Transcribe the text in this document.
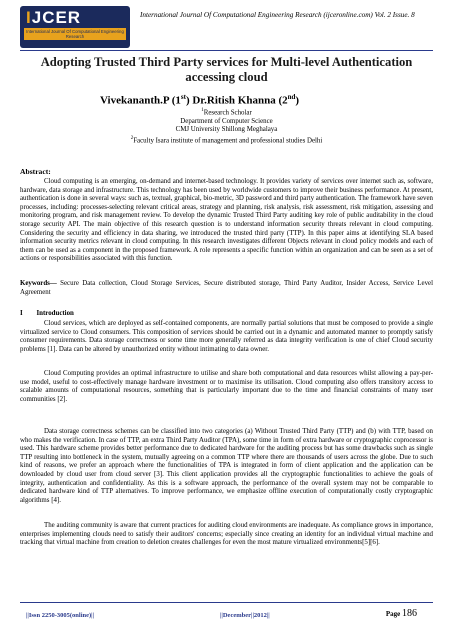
IJCER
International Journal Of Computational Engineering Research
International Journal Of Computational Engineering Research (ijceronline.com) Vol. 2 Issue. 8
Adopting Trusted Third Party services for Multi-level Authentication accessing cloud
Vivekananth.P (1st) Dr.Ritish Khanna (2nd)
$^1$Research Scholar
Department of Computer Science
CMJ University Shillong Meghalaya
$^2$Faculty Isara institute of management and professional studies Delhi
Abstract:
Cloud computing is an emerging, on-demand and internet-based technology. It provides variety of services over internet such as, software, hardware, data storage and infrastructure. This technology has been used by worldwide customers to improve their business performance. At present, authentication is done in several ways: such as, textual, graphical, bio-metric, 3D password and third party authentication. The framework have seven processes, including: processes-selecting relevant critical areas, strategy and planning, risk analysis, risk assessment, risk mitigation, assessing and monitoring program, and risk management review. To develop the dynamic Trusted Third Party auditing key role of public auditability in the cloud storage security API. The main objective of this research question is to understand information security threats relevant in cloud computing. Considering the security and efficiency in data sharing, we introduced the trusted third party (TTP). In this paper aims at identifying SLA based information security metrics relevant in cloud computing. In this research investigates different Objects relevant in cloud policy models and each of them can be used as a component in the proposed framework. A role represents a specific function within an organization and can be seen as a set of actions or responsibilities associated with this function.
Keywords— Secure Data collection, Cloud Storage Services, Secure distributed storage, Third Party Auditor, Insider Access, Service Level Agreement
I        Introduction
Cloud services, which are deployed as self-contained components, are normally partial solutions that must be composed to provide a single virtualized service to Cloud consumers. This composition of services should be carried out in a dynamic and automated manner to promptly satisfy consumer requirements. Data storage correctness or some time more generally referred as data integrity verification is one of chief Cloud security problems [1]. Data can be altered by unauthorized entity without intimating to data owner.
Cloud Computing provides an optimal infrastructure to utilise and share both computational and data resources whilst allowing a pay-per-use model, useful to cost-effectively manage hardware investment or to maximise its utilisation. Cloud computing also offers transitory access to scalable amounts of computational resources, something that is particularly important due to the time and financial constraints of many user communities [2].
Data storage correctness schemes can be classified into two categories (a) Without Trusted Third Party (TTP) and (b) with TTP, based on who makes the verification. In case of TTP, an extra Third Party Auditor (TPA), some time in form of extra hardware or cryptographic coprocessor is used. This hardware scheme provides better performance due to dedicated hardware for the auditing process but has some drawbacks such as single TTP resulting into bottleneck in the system, mutually agreeing on a common TTP where there are thousands of users across the globe. Due to such kind of reasons, we prefer an approach where the functionalities of TPA is integrated in form of client application and the application can be downloaded by cloud user from cloud server [3]. This client application provides all the cryptographic functionalities to achieve the goals of integrity, authentication and confidentiality. As this is a software approach, the performance of the overall system may not be comparable to dedicated hardware kind of TTP alternatives. To improve performance, we emphasize offline execution of computationally costly cryptographic algorithms [4].
The auditing community is aware that current practices for auditing cloud environments are inadequate. As compliance grows in importance, enterprises implementing clouds need to satisfy their auditors' concerns; especially since creating an identity for an individual virtual machine and tracking that virtual machine from creation to deletion creates challenges for even the most mature virtualized environments[5][6].
||Issn 2250-3005(online)||	||December||2012||	Page 186
